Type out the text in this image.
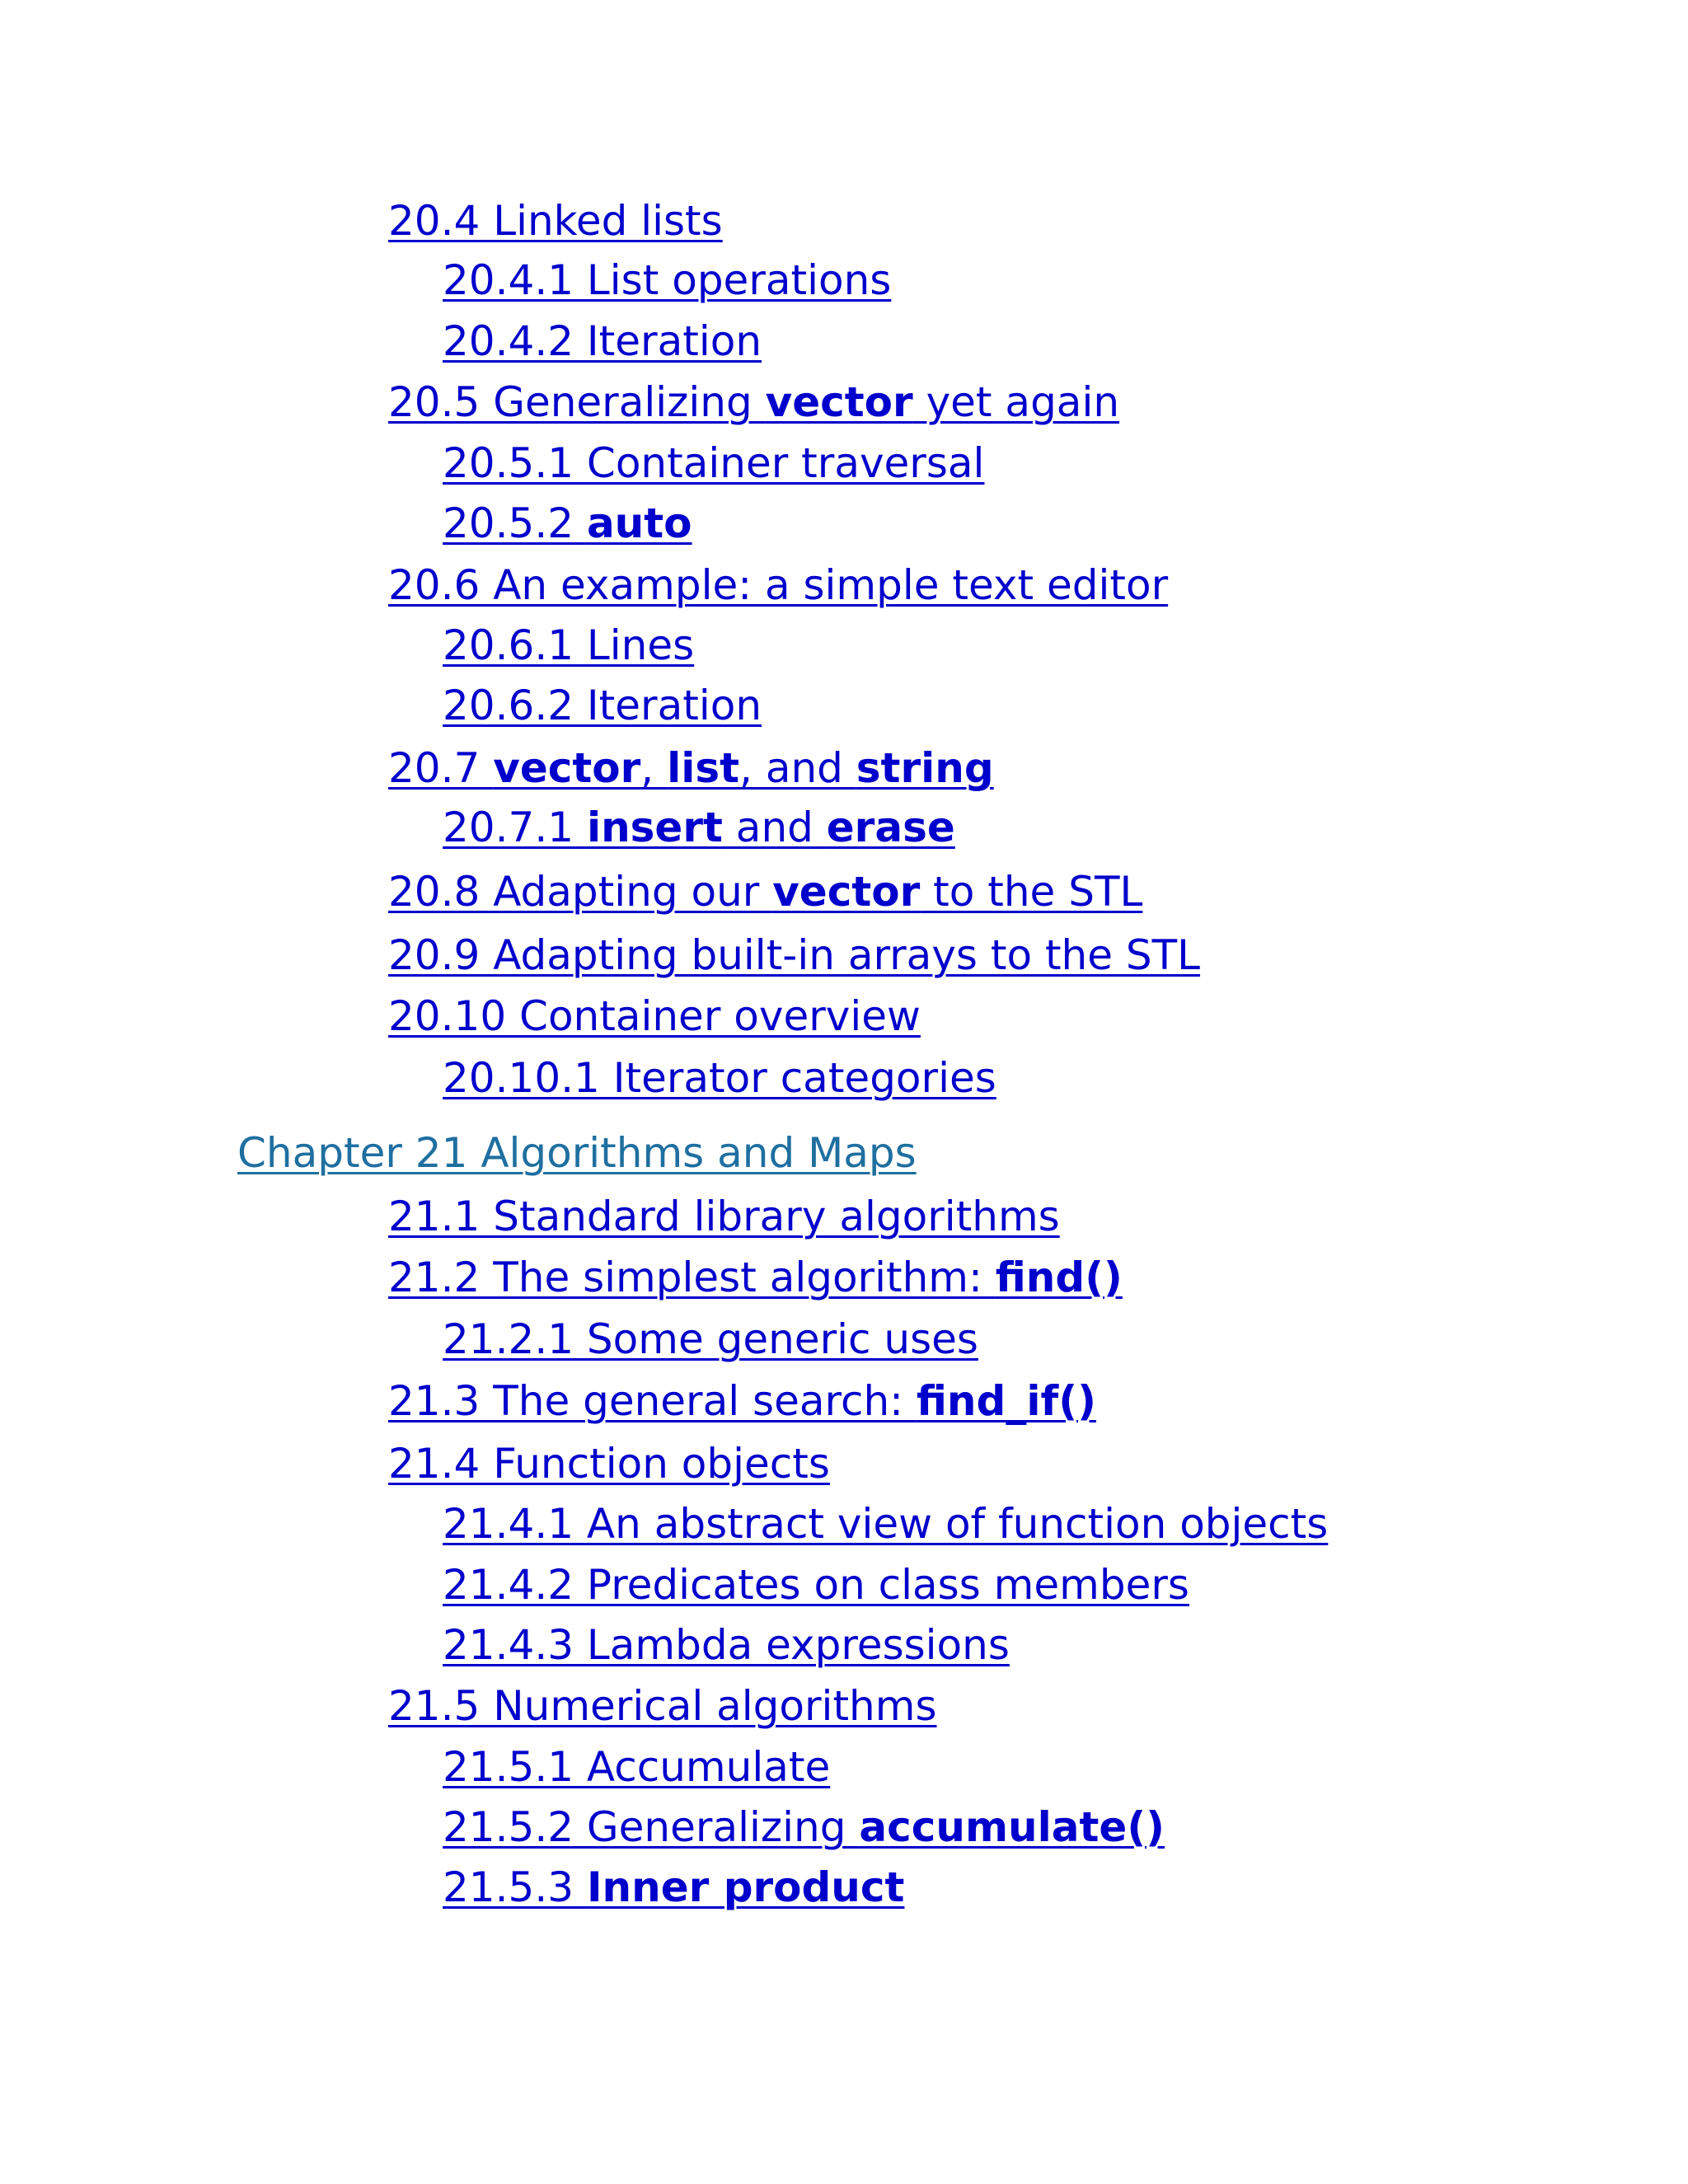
20.4 Linked lists
20.4.1 List operations
20.4.2 Iteration
20.5 Generalizing vector yet again
20.5.1 Container traversal
20.5.2 auto
20.6 An example: a simple text editor
20.6.1 Lines
20.6.2 Iteration
20.7 vector, list, and string
20.7.1 insert and erase
20.8 Adapting our vector to the STL
20.9 Adapting built-in arrays to the STL
20.10 Container overview
20.10.1 Iterator categories
Chapter 21 Algorithms and Maps
21.1 Standard library algorithms
21.2 The simplest algorithm: find()
21.2.1 Some generic uses
21.3 The general search: find_if()
21.4 Function objects
21.4.1 An abstract view of function objects
21.4.2 Predicates on class members
21.4.3 Lambda expressions
21.5 Numerical algorithms
21.5.1 Accumulate
21.5.2 Generalizing accumulate()
21.5.3 Inner product
